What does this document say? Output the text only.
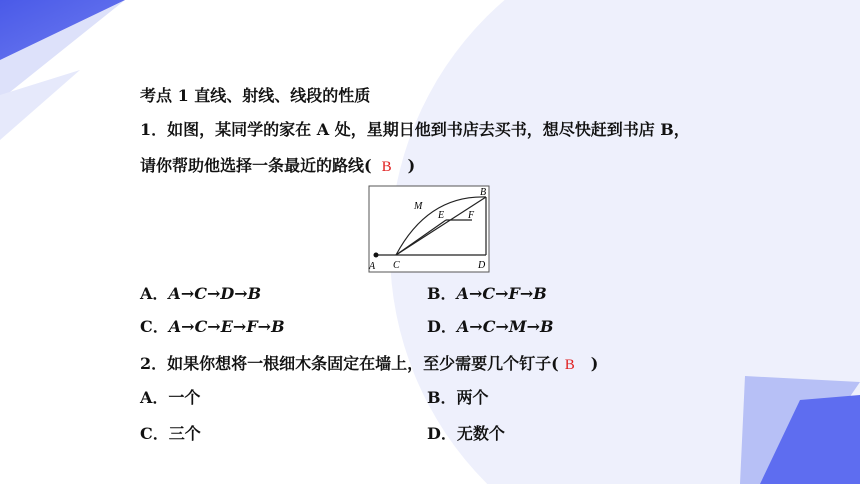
考点 1 直线、射线、线段的性质
1．如图，某同学的家在 A 处，星期日他到书店去买书，想尽快赶到书店 B，
请你帮助他选择一条最近的路线( B )
A C	D
B
M
E F
A．A→C→D→B	B．A→C→F→B
C．A→C→E→F→B	D．A→C→M→B
2．如果你想将一根细木条固定在墙上，至少需要几个钉子( B )
A．一个	B．两个
C．三个	D．无数个
